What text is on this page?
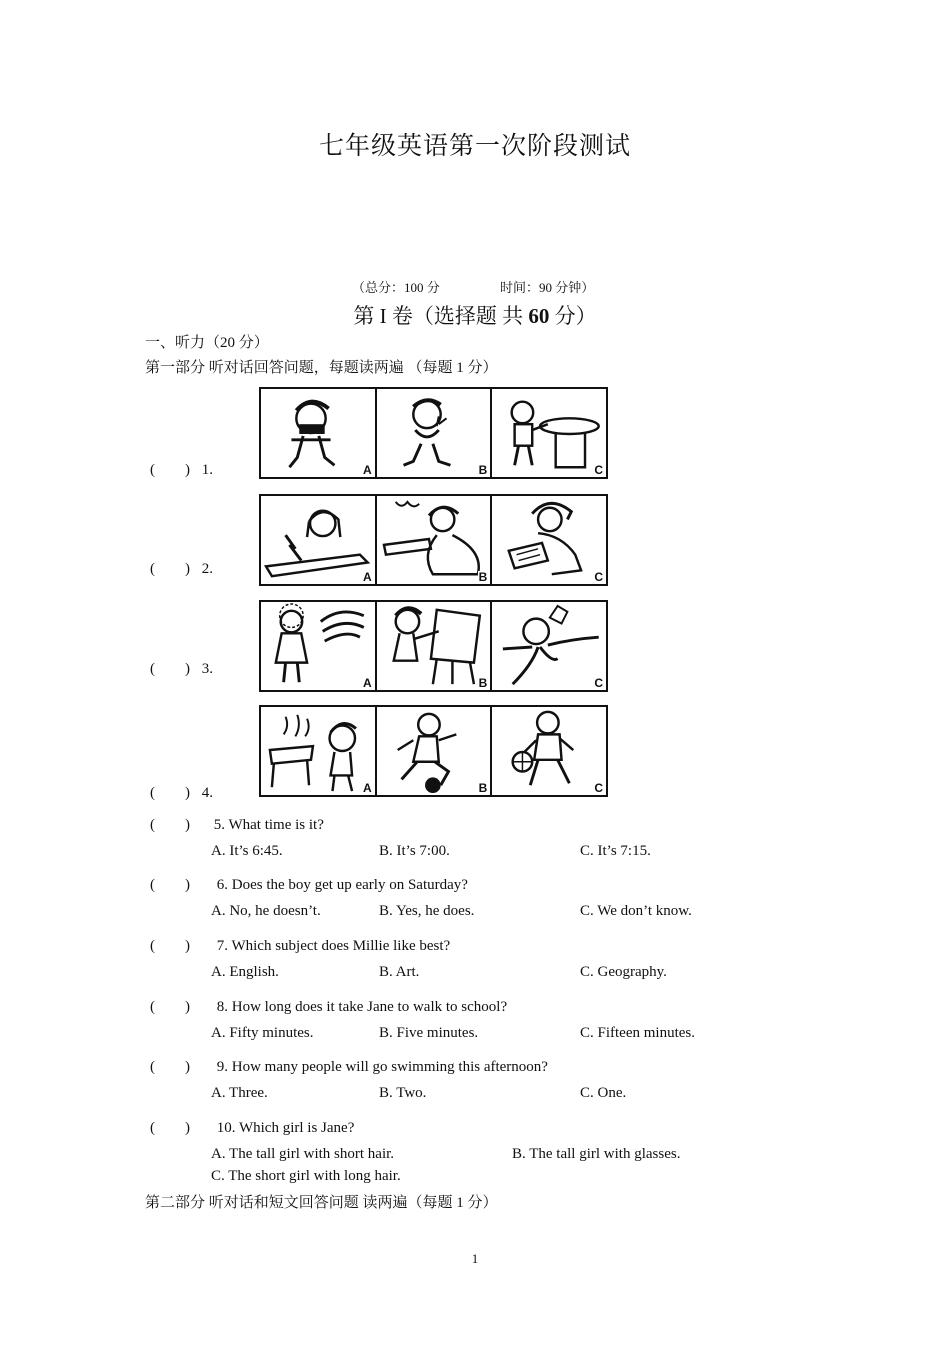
七年级英语第一次阶段测试
（总分：100 分	时间：90 分钟）
第 I 卷（选择题 共 60 分）
一、听力（20 分）
第一部分 听对话回答问题，每题读两遍 （每题 1 分）
A	B	C
(　　) 1.
A	B	C
(　　) 2.
A	B	C
(　　) 3.
A	B	C
(　　) 4.
(　　) 5. What time is it?
A. It’s 6:45.	B. It’s 7:00.	C. It’s 7:15.
(　　) 6. Does the boy get up early on Saturday?
A. No, he doesn’t.	B. Yes, he does.	C. We don’t know.
(　　) 7. Which subject does Millie like best?
A. English.	B. Art.	C. Geography.
(　　) 8. How long does it take Jane to walk to school?
A. Fifty minutes.	B. Five minutes.	C. Fifteen minutes.
(　　) 9. How many people will go swimming this afternoon?
A. Three.	B. Two.	C. One.
(　　) 10. Which girl is Jane?
A. The tall girl with short hair.	B. The tall girl with glasses.
C. The short girl with long hair.
第二部分 听对话和短文回答问题 读两遍（每题 1 分）
1
